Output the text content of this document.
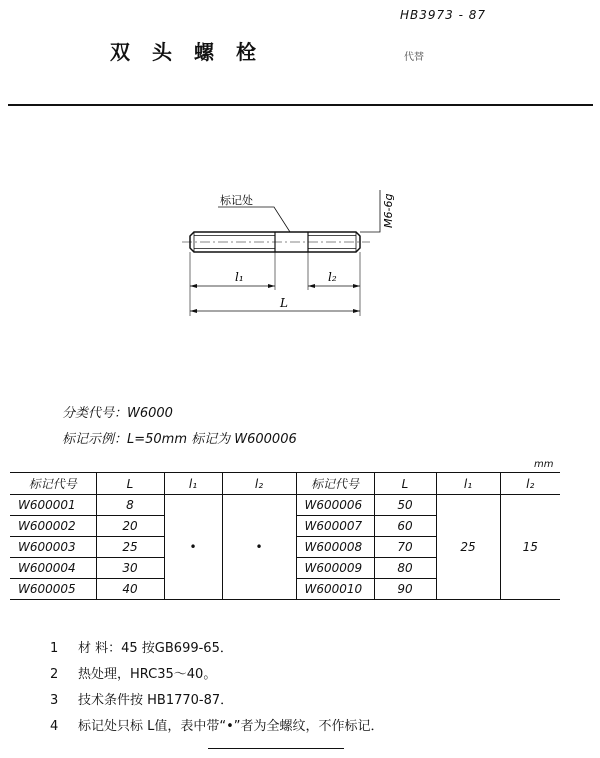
HB3973 - 87
双头螺栓	代替
标记处	M6-6g
l₁	l₂
L
分类代号：W6000
标记示例：L=50mm 标记为 W600006
mm
标记代号	L	l₁	l₂	标记代号	L	l₁	l₂
W600001	8	•	•	W600006	50	25	15
W600002	20			W600007	60		
W600003	25			W600008	70		
W600004	30			W600009	80		
W600005	40			W600010	90		
1 材 料：45 按GB699-65．
2 热处理，HRC35～40。
3 技术条件按 HB1770-87．
4 标记处只标 L值，表中带“•”者为全螺纹，不作标记．
